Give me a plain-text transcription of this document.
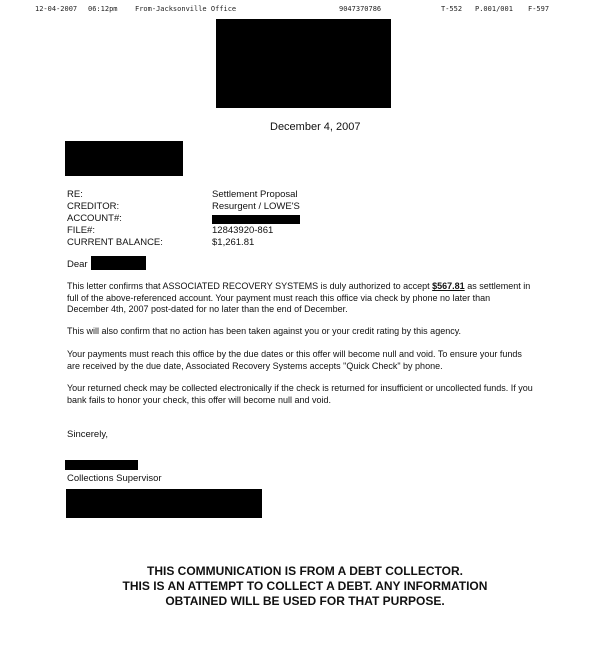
12-04-2007 06:12pm From-Jacksonville Office	9047370786	T-552 P.001/001 F-597
December 4, 2007
RE:
CREDITOR:
ACCOUNT#:
FILE#:
CURRENT BALANCE:
Settlement Proposal
Resurgent / LOWE'S
12843920-861
$1,261.81
Dear
This letter confirms that ASSOCIATED RECOVERY SYSTEMS is duly authorized to accept $567.81 as settlement in full of the above-referenced account. Your payment must reach this office via check by phone no later than December 4th, 2007 post-dated for no later than the end of December.
This will also confirm that no action has been taken against you or your credit rating by this agency.
Your payments must reach this office by the due dates or this offer will become null and void. To ensure your funds are received by the due date, Associated Recovery Systems accepts "Quick Check" by phone.
Your returned check may be collected electronically if the check is returned for insufficient or uncollected funds. If you bank fails to honor your check, this offer will become null and void.
Sincerely,
Collections Supervisor
THIS COMMUNICATION IS FROM A DEBT COLLECTOR.
THIS IS AN ATTEMPT TO COLLECT A DEBT. ANY INFORMATION
OBTAINED WILL BE USED FOR THAT PURPOSE.
